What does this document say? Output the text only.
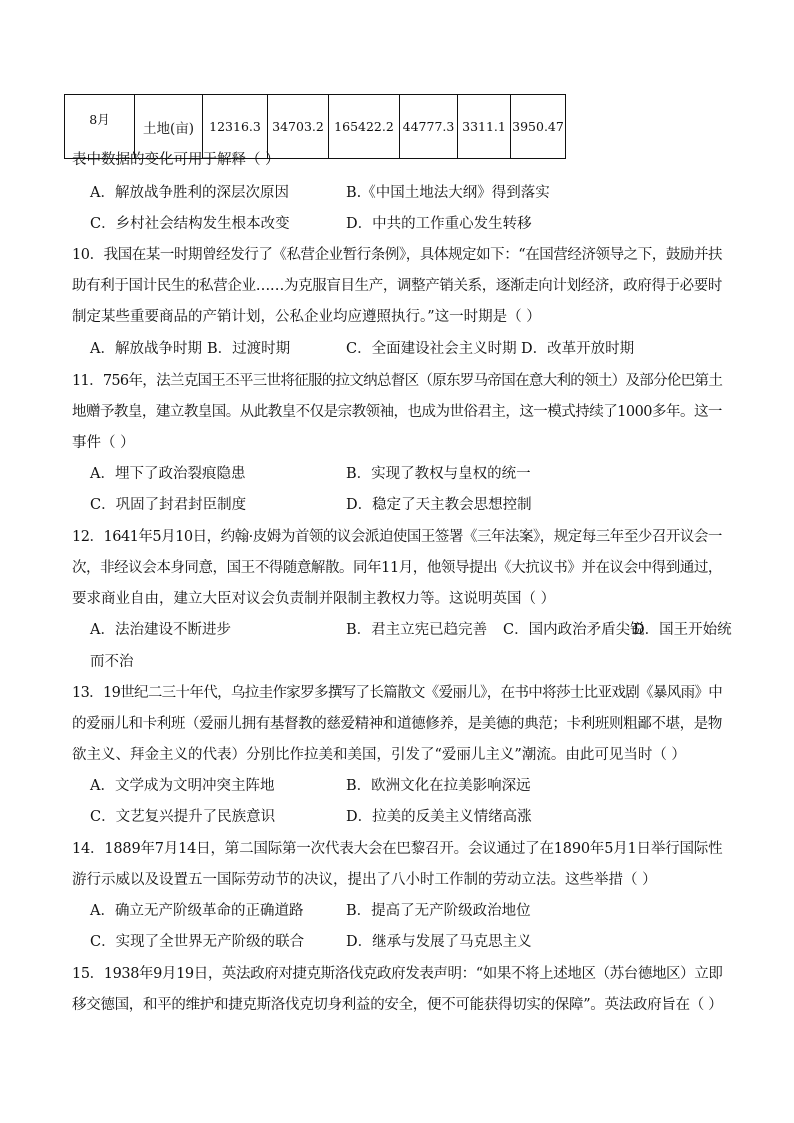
8月	土地(亩)	12316.3	34703.2	165422.2	44777.3	3311.1	3950.47
表中数据的变化可用于解释（ ）
A．解放战争胜利的深层次原因	B.《中国土地法大纲》得到落实
C．乡村社会结构发生根本改变	D．中共的工作重心发生转移
10．我国在某一时期曾经发行了《私营企业暂行条例》，具体规定如下：“在国营经济领导之下，鼓励并扶
助有利于国计民生的私营企业……为克服盲目生产，调整产销关系，逐渐走向计划经济，政府得于必要时
制定某些重要商品的产销计划，公私企业均应遵照执行。”这一时期是（ ）
A．解放战争时期 B．过渡时期	C．全面建设社会主义时期 D．改革开放时期
11．756年，法兰克国王丕平三世将征服的拉文纳总督区（原东罗马帝国在意大利的领土）及部分伦巴第土
地赠予教皇，建立教皇国。从此教皇不仅是宗教领袖，也成为世俗君主，这一模式持续了1000多年。这一
事件（ ）
A．埋下了政治裂痕隐患	B．实现了教权与皇权的统一
C．巩固了封君封臣制度	D．稳定了天主教会思想控制
12．1641年5月10日，约翰·皮姆为首领的议会派迫使国王签署《三年法案》，规定每三年至少召开议会一
次，非经议会本身同意，国王不得随意解散。同年11月，他领导提出《大抗议书》并在议会中得到通过，
要求商业自由，建立大臣对议会负责制并限制主教权力等。这说明英国（ ）
A．法治建设不断进步	B．君主立宪已趋完善 C．国内政治矛盾尖锐
D．国王开始统
而不治
13．19世纪二三十年代，乌拉圭作家罗多撰写了长篇散文《爱丽儿》，在书中将莎士比亚戏剧《暴风雨》中
的爱丽儿和卡利班（爱丽儿拥有基督教的慈爱精神和道德修养，是美德的典范；卡利班则粗鄙不堪，是物
欲主义、拜金主义的代表）分别比作拉美和美国，引发了“爱丽儿主义”潮流。由此可见当时（ ）
A．文学成为文明冲突主阵地	B．欧洲文化在拉美影响深远
C．文艺复兴提升了民族意识	D．拉美的反美主义情绪高涨
14．1889年7月14日，第二国际第一次代表大会在巴黎召开。会议通过了在1890年5月1日举行国际性
游行示威以及设置五一国际劳动节的决议，提出了八小时工作制的劳动立法。这些举措（ ）
A．确立无产阶级革命的正确道路	B．提高了无产阶级政治地位
C．实现了全世界无产阶级的联合	D．继承与发展了马克思主义
15．1938年9月19日，英法政府对捷克斯洛伐克政府发表声明：“如果不将上述地区（苏台德地区）立即
移交德国，和平的维护和捷克斯洛伐克切身利益的安全，便不可能获得切实的保障”。英法政府旨在（ ）
